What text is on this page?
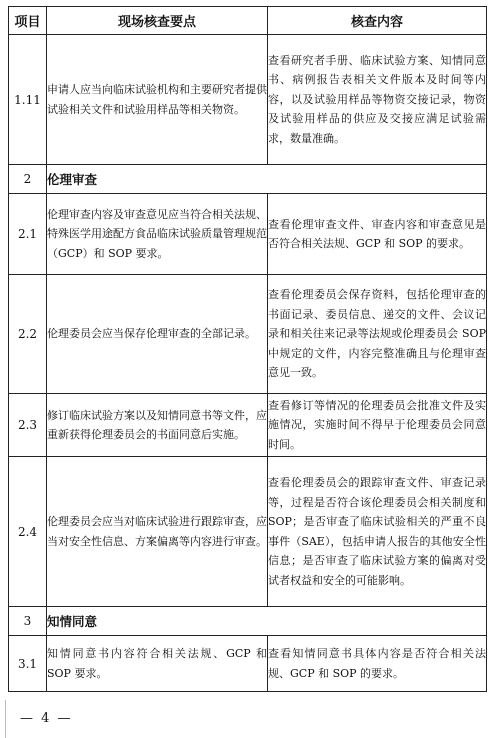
项目	现场核查要点	核查内容
1.11	申请人应当向临床试验机构和主要研究者提供试验相关文件和试验用样品等相关物资。	查看研究者手册、临床试验方案、知情同意书、病例报告表相关文件版本及时间等内容，以及试验用样品等物资交接记录，物资及试验用样品的供应及交接应满足试验需求，数量准确。
2	伦理审查	
2.1	伦理审查内容及审查意见应当符合相关法规、特殊医学用途配方食品临床试验质量管理规范（GCP）和 SOP 要求。	查看伦理审查文件、审查内容和审查意见是否符合相关法规、GCP 和 SOP 的要求。
2.2	伦理委员会应当保存伦理审查的全部记录。	查看伦理委员会保存资料，包括伦理审查的书面记录、委员信息、递交的文件、会议记录和相关往来记录等法规或伦理委员会 SOP 中规定的文件，内容完整准确且与伦理审查意见一致。
2.3	修订临床试验方案以及知情同意书等文件，应重新获得伦理委员会的书面同意后实施。	查看修订等情况的伦理委员会批准文件及实施情况，实施时间不得早于伦理委员会同意时间。
2.4	伦理委员会应当对临床试验进行跟踪审查，应当对安全性信息、方案偏离等内容进行审查。	查看伦理委员会的跟踪审查文件、审查记录等，过程是否符合该伦理委员会相关制度和 SOP；是否审查了临床试验相关的严重不良事件（SAE），包括申请人报告的其他安全性信息；是否审查了临床试验方案的偏离对受试者权益和安全的可能影响。
3	知情同意	
3.1	知情同意书内容符合相关法规、GCP 和 SOP 要求。	查看知情同意书具体内容是否符合相关法规、GCP 和 SOP 的要求。
— 4 —
